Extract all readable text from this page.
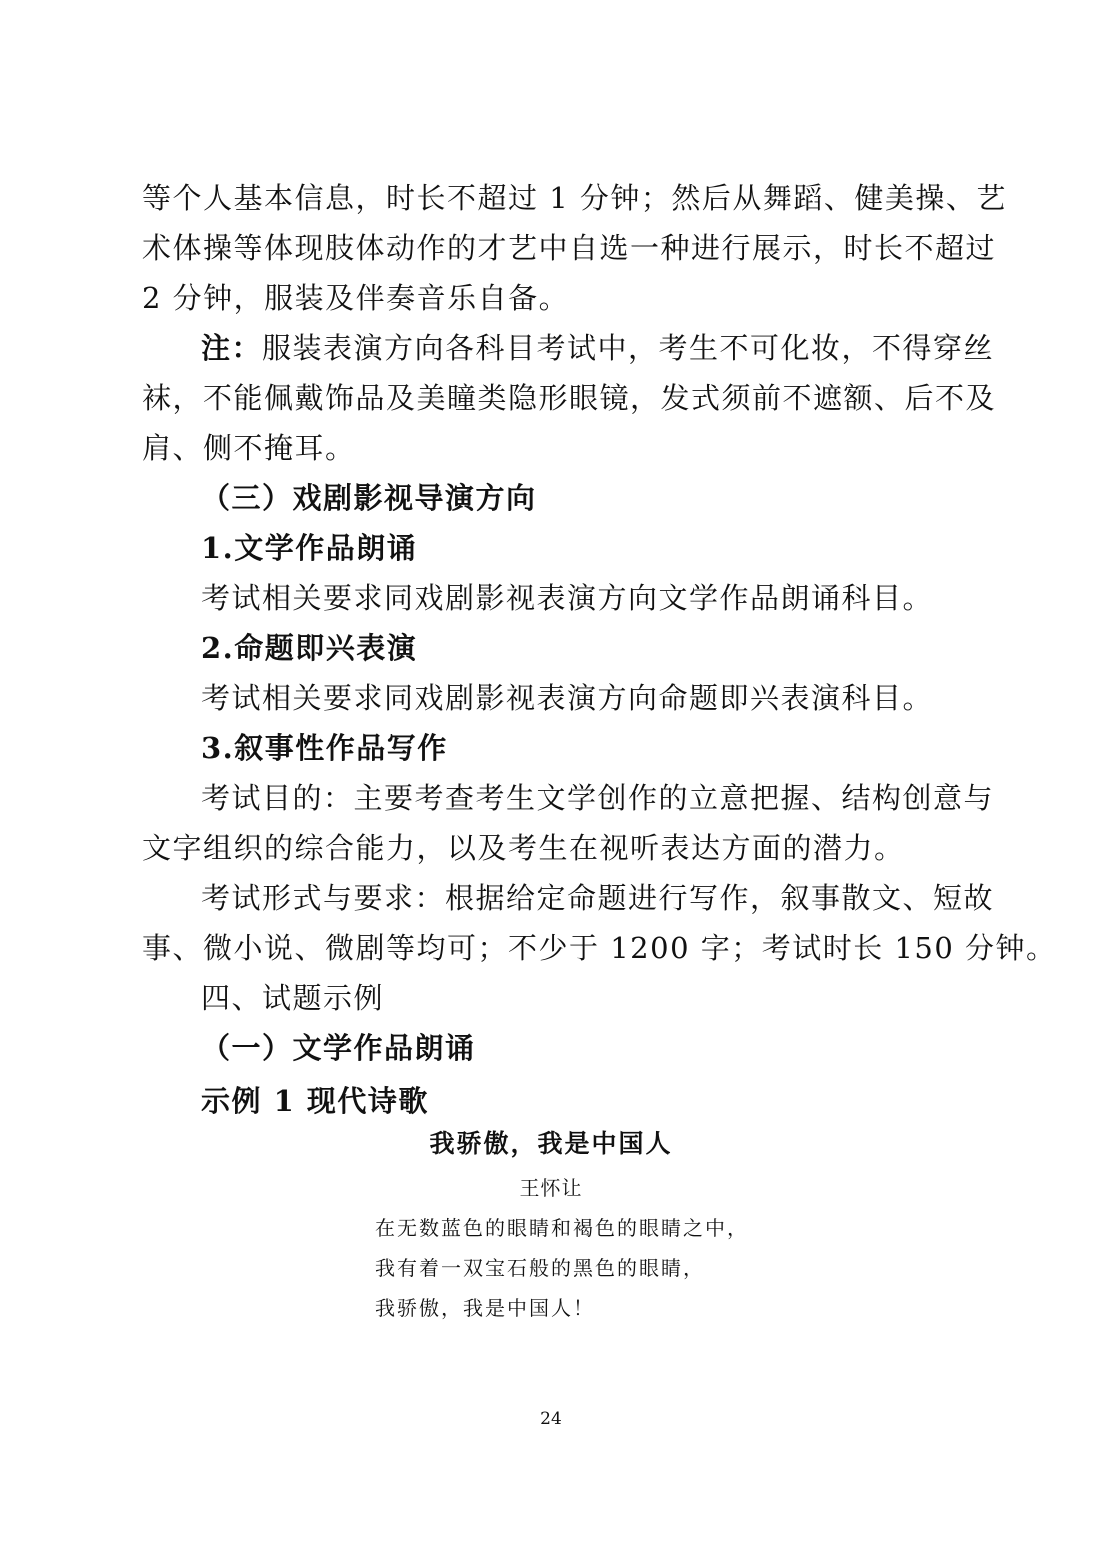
等个人基本信息，时长不超过 1 分钟；然后从舞蹈、健美操、艺
术体操等体现肢体动作的才艺中自选一种进行展示，时长不超过
2 分钟，服装及伴奏音乐自备。
注：服装表演方向各科目考试中，考生不可化妆，不得穿丝
袜，不能佩戴饰品及美瞳类隐形眼镜，发式须前不遮额、后不及
肩、侧不掩耳。
（三）戏剧影视导演方向
1.文学作品朗诵
考试相关要求同戏剧影视表演方向文学作品朗诵科目。
2.命题即兴表演
考试相关要求同戏剧影视表演方向命题即兴表演科目。
3.叙事性作品写作
考试目的：主要考查考生文学创作的立意把握、结构创意与
文字组织的综合能力，以及考生在视听表达方面的潜力。
考试形式与要求：根据给定命题进行写作，叙事散文、短故
事、微小说、微剧等均可；不少于 1200 字；考试时长 150 分钟。
四、试题示例
（一）文学作品朗诵
示例 1 现代诗歌
我骄傲，我是中国人
王怀让
在无数蓝色的眼睛和褐色的眼睛之中，
我有着一双宝石般的黑色的眼睛，
我骄傲，我是中国人！
24
